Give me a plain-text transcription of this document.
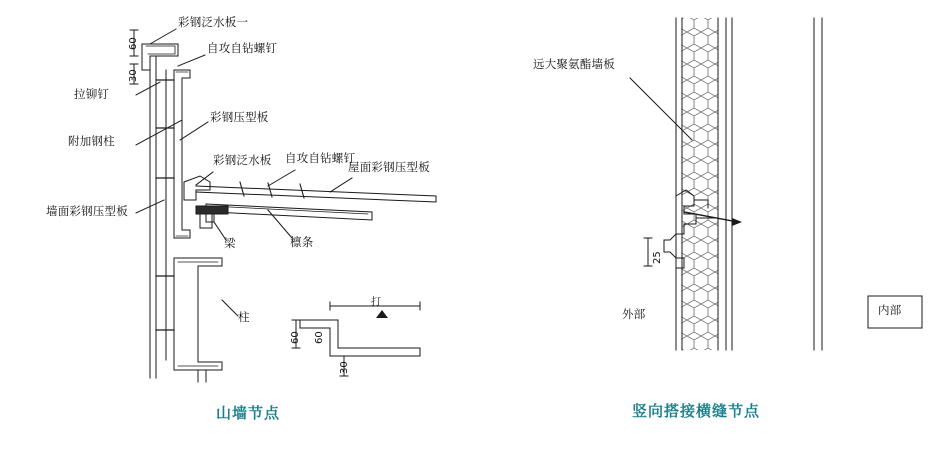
彩钢泛水板一
自攻自钻螺钉
拉铆钉
彩钢压型板
附加钢柱
彩钢泛水板 自攻自钻螺钉
屋面彩钢压型板
墙面彩钢压型板
梁	檩条
柱
60
30
打
60 60
30
山墙节点
远大聚氨酯墙板
外部	内部
25
竖向搭接横缝节点
